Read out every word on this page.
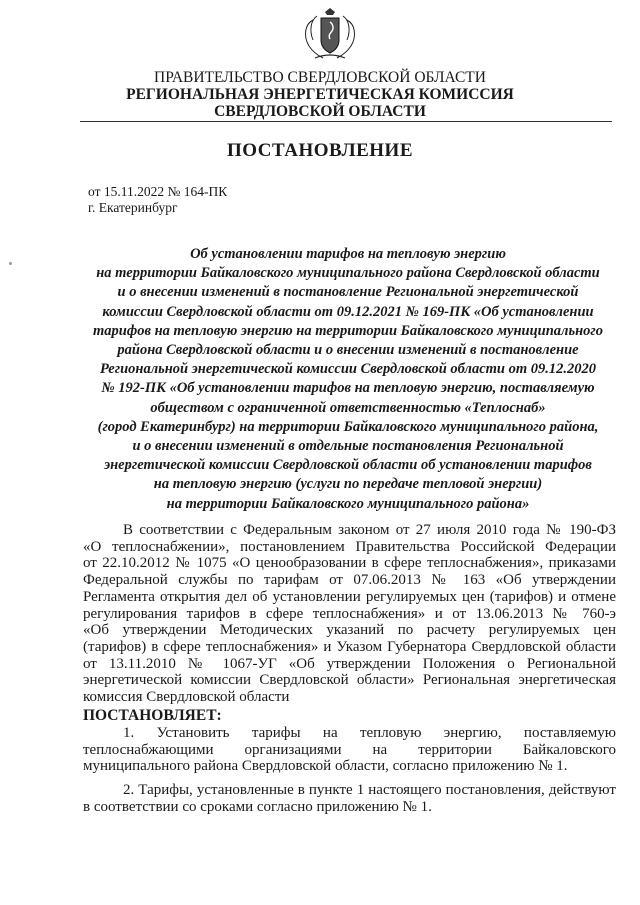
ПРАВИТЕЛЬСТВО СВЕРДЛОВСКОЙ ОБЛАСТИ
РЕГИОНАЛЬНАЯ ЭНЕРГЕТИЧЕСКАЯ КОМИССИЯ
СВЕРДЛОВСКОЙ ОБЛАСТИ
ПОСТАНОВЛЕНИЕ
от 15.11.2022 № 164-ПК
г. Екатеринбург
Об установлении тарифов на тепловую энергию
на территории Байкаловского муниципального района Свердловской области
и о внесении изменений в постановление Региональной энергетической
комиссии Свердловской области от 09.12.2021 № 169-ПК «Об установлении
тарифов на тепловую энергию на территории Байкаловского муниципального
района Свердловской области и о внесении изменений в постановление
Региональной энергетической комиссии Свердловской области от 09.12.2020
№ 192-ПК «Об установлении тарифов на тепловую энергию, поставляемую
обществом с ограниченной ответственностью «Теплоснаб»
(город Екатеринбург) на территории Байкаловского муниципального района,
и о внесении изменений в отдельные постановления Региональной
энергетической комиссии Свердловской области об установлении тарифов
на тепловую энергию (услуги по передаче тепловой энергии)
на территории Байкаловского муниципального района»
В соответствии с Федеральным законом от 27 июля 2010 года № 190-ФЗ
«О теплоснабжении», постановлением Правительства Российской Федерации
от 22.10.2012 № 1075 «О ценообразовании в сфере теплоснабжения», приказами
Федеральной службы по тарифам от 07.06.2013 № 163 «Об утверждении
Регламента открытия дел об установлении регулируемых цен (тарифов) и отмене
регулирования тарифов в сфере теплоснабжения» и от 13.06.2013 № 760-э
«Об утверждении Методических указаний по расчету регулируемых цен
(тарифов) в сфере теплоснабжения» и Указом Губернатора Свердловской области
от 13.11.2010 № 1067-УГ «Об утверждении Положения о Региональной
энергетической комиссии Свердловской области» Региональная энергетическая
комиссия Свердловской области
ПОСТАНОВЛЯЕТ:
1. Установить тарифы на тепловую энергию, поставляемую
теплоснабжающими организациями на территории Байкаловского
муниципального района Свердловской области, согласно приложению № 1.
2. Тарифы, установленные в пункте 1 настоящего постановления, действуют
в соответствии со сроками согласно приложению № 1.
